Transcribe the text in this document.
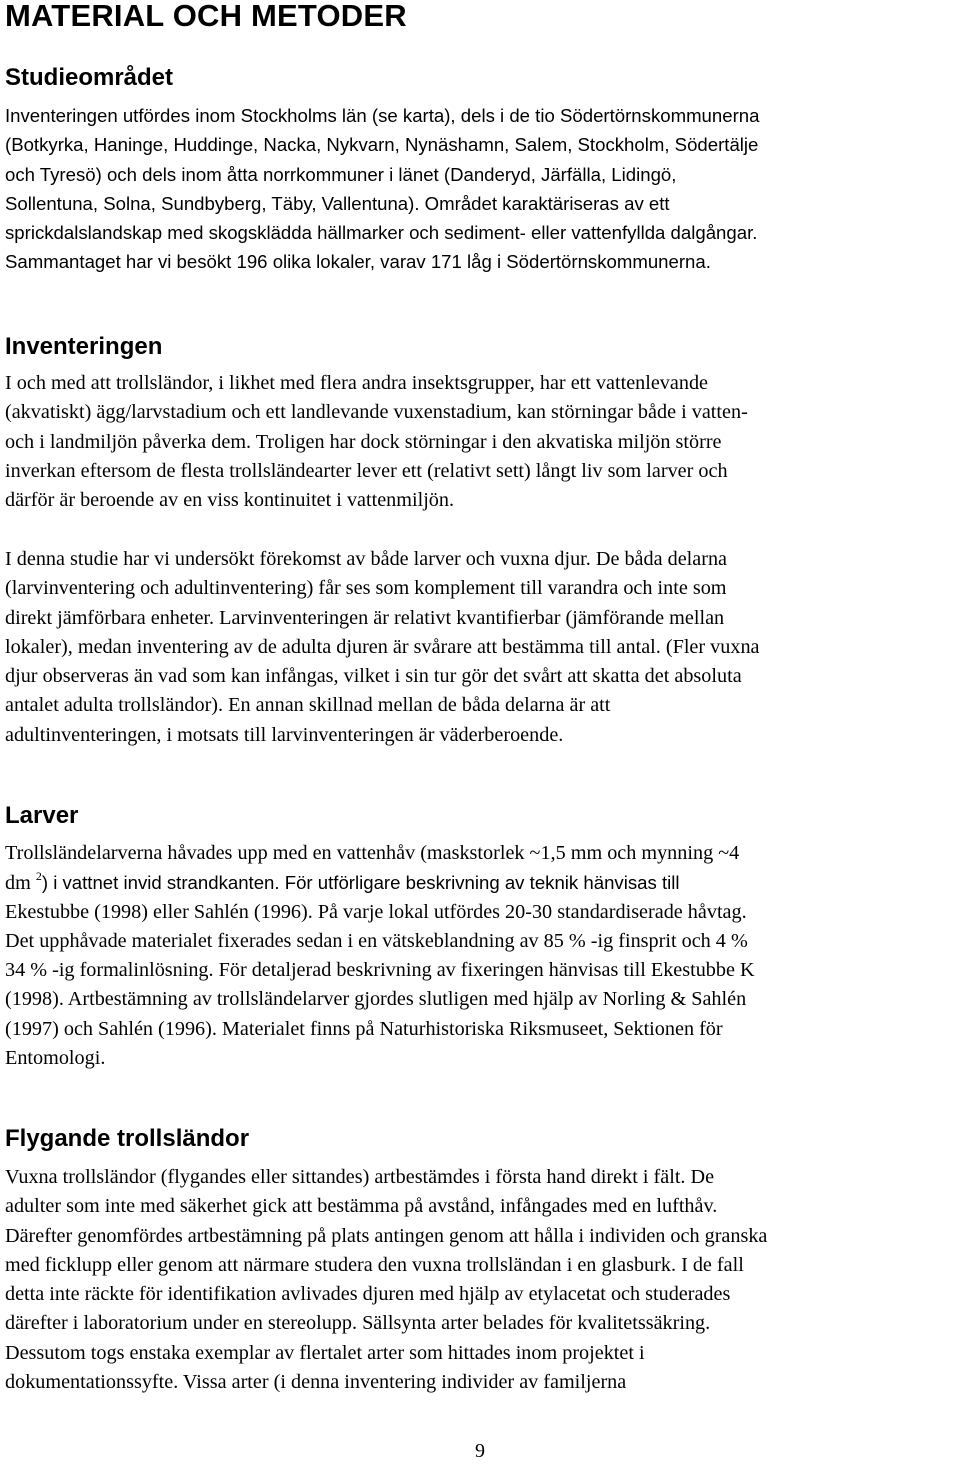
MATERIAL OCH METODER
Studieområdet
Inventeringen utfördes inom Stockholms län (se karta), dels i de tio Södertörnskommunerna
(Botkyrka, Haninge, Huddinge, Nacka, Nykvarn, Nynäshamn, Salem, Stockholm, Södertälje
och Tyresö) och dels inom åtta norrkommuner i länet (Danderyd, Järfälla, Lidingö,
Sollentuna, Solna, Sundbyberg, Täby, Vallentuna). Området karaktäriseras av ett
sprickdalslandskap med skogsklädda hällmarker och sediment- eller vattenfyllda dalgångar.
Sammantaget har vi besökt 196 olika lokaler, varav 171 låg i Södertörnskommunerna.
Inventeringen
I och med att trollsländor, i likhet med flera andra insektsgrupper, har ett vattenlevande
(akvatiskt) ägg/larvstadium och ett landlevande vuxenstadium, kan störningar både i vatten-
och i landmiljön påverka dem. Troligen har dock störningar i den akvatiska miljön större
inverkan eftersom de flesta trollsländearter lever ett (relativt sett) långt liv som larver och
därför är beroende av en viss kontinuitet i vattenmiljön.
I denna studie har vi undersökt förekomst av både larver och vuxna djur. De båda delarna
(larvinventering och adultinventering) får ses som komplement till varandra och inte som
direkt jämförbara enheter. Larvinventeringen är relativt kvantifierbar (jämförande mellan
lokaler), medan inventering av de adulta djuren är svårare att bestämma till antal. (Fler vuxna
djur observeras än vad som kan infångas, vilket i sin tur gör det svårt att skatta det absoluta
antalet adulta trollsländor). En annan skillnad mellan de båda delarna är att
adultinventeringen, i motsats till larvinventeringen är väderberoende.
Larver
Trollsländelarverna håvades upp med en vattenhåv (maskstorlek ~1,5 mm och mynning ~4
dm $^2$) i vattnet invid strandkanten. För utförligare beskrivning av teknik hänvisas till
Ekestubbe (1998) eller Sahlén (1996). På varje lokal utfördes 20-30 standardiserade håvtag.
Det upphåvade materialet fixerades sedan i en vätskeblandning av 85 % -ig finsprit och 4 %
34 % -ig formalinlösning. För detaljerad beskrivning av fixeringen hänvisas till Ekestubbe K
(1998). Artbestämning av trollsländelarver gjordes slutligen med hjälp av Norling & Sahlén
(1997) och Sahlén (1996). Materialet finns på Naturhistoriska Riksmuseet, Sektionen för
Entomologi.
Flygande trollsländor
Vuxna trollsländor (flygandes eller sittandes) artbestämdes i första hand direkt i fält. De
adulter som inte med säkerhet gick att bestämma på avstånd, infångades med en lufthåv.
Därefter genomfördes artbestämning på plats antingen genom att hålla i individen och granska
med ficklupp eller genom att närmare studera den vuxna trollsländan i en glasburk. I de fall
detta inte räckte för identifikation avlivades djuren med hjälp av etylacetat och studerades
därefter i laboratorium under en stereolupp. Sällsynta arter belades för kvalitetssäkring.
Dessutom togs enstaka exemplar av flertalet arter som hittades inom projektet i
dokumentationssyfte. Vissa arter (i denna inventering individer av familjerna
9
